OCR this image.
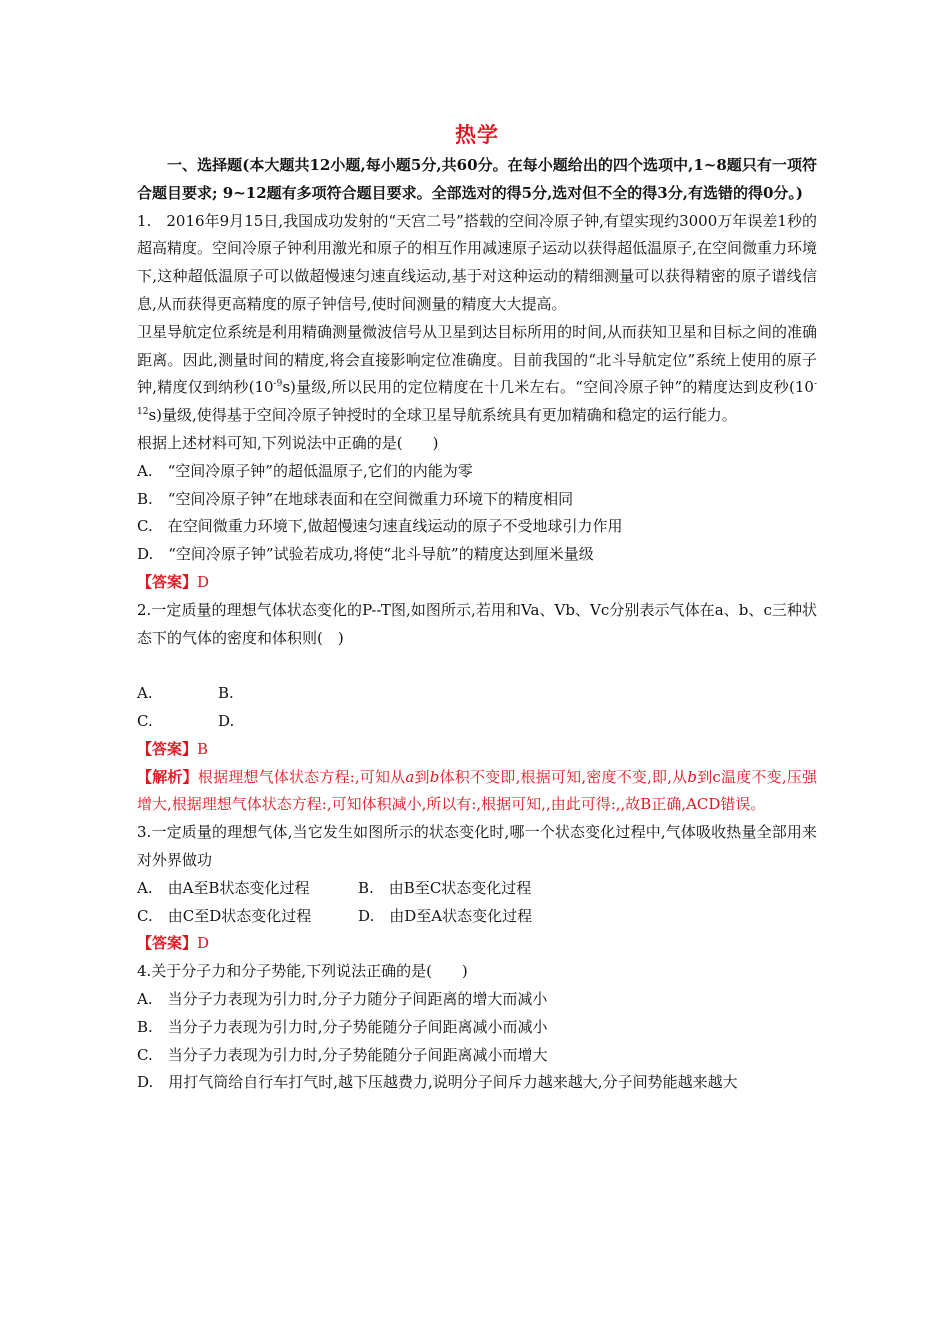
热学

一、选择题(本大题共12小题,每小题5分,共60分。在每小题给出的四个选项中,1~8题只有一项符合题目要求; 9~12题有多项符合题目要求。全部选对的得5分,选对但不全的得3分,有选错的得0分。)

1.　2016年9月15日,我国成功发射的“天宫二号”搭载的空间冷原子钟,有望实现约3000万年误差1秒的超高精度。空间冷原子钟利用激光和原子的相互作用减速原子运动以获得超低温原子,在空间微重力环境下,这种超低温原子可以做超慢速匀速直线运动,基于对这种运动的精细测量可以获得精密的原子谱线信息,从而获得更高精度的原子钟信号,使时间测量的精度大大提高。

卫星导航定位系统是利用精确测量微波信号从卫星到达目标所用的时间,从而获知卫星和目标之间的准确距离。因此,测量时间的精度,将会直接影响定位准确度。目前我国的“北斗导航定位”系统上使用的原子钟,精度仅到纳秒$(10^{-9}s)$量级,所以民用的定位精度在十几米左右。“空间冷原子钟”的精度达到皮秒$(10^{-12}s)$量级,使得基于空间冷原子钟授时的全球卫星导航系统具有更加精确和稳定的运行能力。

根据上述材料可知,下列说法中正确的是(　　)

A.　“空间冷原子钟”的超低温原子,它们的内能为零

B.　“空间冷原子钟”在地球表面和在空间微重力环境下的精度相同

C.　在空间微重力环境下,做超慢速匀速直线运动的原子不受地球引力作用

D.　“空间冷原子钟”试验若成功,将使“北斗导航”的精度达到厘米量级

【答案】D

2.一定质量的理想气体状态变化的P--T图,如图所示,若用和Va、Vb、Vc分别表示气体在a、b、c三种状态下的气体的密度和体积则(　)

A.	B.
C.	D.

【答案】B

【解析】根据理想气体状态方程:,可知从a到b体积不变即,根据可知,密度不变,即,从b到c温度不变,压强增大,根据理想气体状态方程:,可知体积减小,所以有:,根据可知,,由此可得:,,故B正确,ACD错误。

3.一定质量的理想气体,当它发生如图所示的状态变化时,哪一个状态变化过程中,气体吸收热量全部用来对外界做功

A.　由A至B状态变化过程	B.　由B至C状态变化过程
C.　由C至D状态变化过程	D.　由D至A状态变化过程

【答案】D

4.关于分子力和分子势能,下列说法正确的是(　　)

A.　当分子力表现为引力时,分子力随分子间距离的增大而减小

B.　当分子力表现为引力时,分子势能随分子间距离减小而减小

C.　当分子力表现为引力时,分子势能随分子间距离减小而增大

D.　用打气筒给自行车打气时,越下压越费力,说明分子间斥力越来越大,分子间势能越来越大
